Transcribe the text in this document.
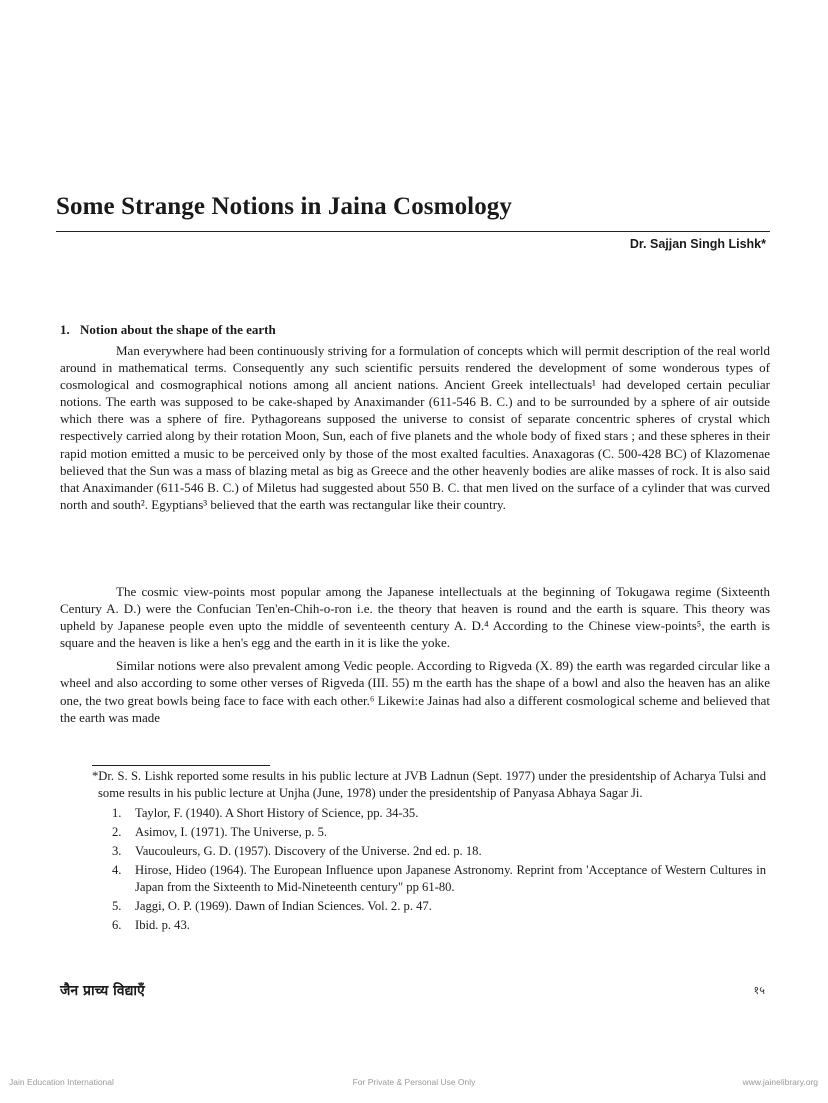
Some Strange Notions in Jaina Cosmology
Dr. Sajjan Singh Lishk*
1. Notion about the shape of the earth

Man everywhere had been continuously striving for a formulation of concepts which will permit description of the real world around in mathematical terms. Consequently any such scientific persuits rendered the development of some wonderous types of cosmological and cosmographical notions among all ancient nations. Ancient Greek intellectuals¹ had developed certain peculiar notions. The earth was supposed to be cake-shaped by Anaximander (611-546 B. C.) and to be surrounded by a sphere of air outside which there was a sphere of fire. Pythagoreans supposed the universe to consist of separate concentric spheres of crystal which respectively carried along by their rotation Moon, Sun, each of five planets and the whole body of fixed stars ; and these spheres in their rapid motion emitted a music to be perceived only by those of the most exalted faculties. Anaxagoras (C. 500-428 BC) of Klazomenae believed that the Sun was a mass of blazing metal as big as Greece and the other heavenly bodies are alike masses of rock. It is also said that Anaximander (611-546 B. C.) of Miletus had suggested about 550 B. C. that men lived on the surface of a cylinder that was curved north and south². Egyptians³ believed that the earth was rectangular like their country.

The cosmic view-points most popular among the Japanese intellectuals at the beginning of Tokugawa regime (Sixteenth Century A. D.) were the Confucian Ten'en-Chih-o-ron i.e. the theory that heaven is round and the earth is square. This theory was upheld by Japanese people even upto the middle of seventeenth century A. D.⁴ According to the Chinese view-points⁵, the earth is square and the heaven is like a hen's egg and the earth in it is like the yoke.

Similar notions were also prevalent among Vedic people. According to Rigveda (X. 89) the earth was regarded circular like a wheel and also according to some other verses of Rigveda (III. 55) m the earth has the shape of a bowl and also the heaven has an alike one, the two great bowls being face to face with each other.⁶ Likewi:e Jainas had also a different cosmological scheme and believed that the earth was made

*Dr. S. S. Lishk reported some results in his public lecture at JVB Ladnun (Sept. 1977) under the presidentship of Acharya Tulsi and some results in his public lecture at Unjha (June, 1978) under the presidentship of Panyasa Abhaya Sagar Ji.

1. Taylor, F. (1940). A Short History of Science, pp. 34-35.
2. Asimov, I. (1971). The Universe, p. 5.
3. Vaucouleurs, G. D. (1957). Discovery of the Universe. 2nd ed. p. 18.
4. Hirose, Hideo (1964). The European Influence upon Japanese Astronomy. Reprint from 'Acceptance of Western Cultures in Japan from the Sixteenth to Mid-Nineteenth century" pp 61-80.
5. Jaggi, O. P. (1969). Dawn of Indian Sciences. Vol. 2. p. 47.
6. Ibid. p. 43.
जैन प्राच्य विद्याएँ	१५
Jain Education International	For Private & Personal Use Only	www.jainelibrary.org
